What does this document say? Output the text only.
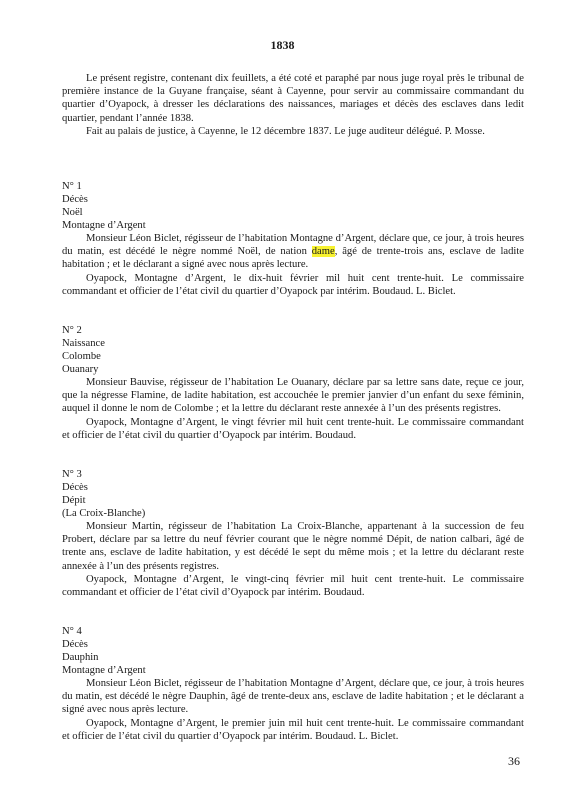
1838

Le présent registre, contenant dix feuillets, a été coté et paraphé par nous juge royal près le tribunal de première instance de la Guyane française, séant à Cayenne, pour servir au commissaire commandant du quartier d’Oyapock, à dresser les déclarations des naissances, mariages et décès des esclaves dans ledit quartier, pendant l’année 1838.

Fait au palais de justice, à Cayenne, le 12 décembre 1837. Le juge auditeur délégué. P. Mosse.

N° 1
Décès
Noël
Montagne d’Argent

Monsieur Léon Biclet, régisseur de l’habitation Montagne d’Argent, déclare que, ce jour, à trois heures du matin, est décédé le nègre nommé Noël, de nation dame, âgé de trente-trois ans, esclave de ladite habitation ; et le déclarant a signé avec nous après lecture.

Oyapock, Montagne d’Argent, le dix-huit février mil huit cent trente-huit. Le commissaire commandant et officier de l’état civil du quartier d’Oyapock par intérim. Boudaud. L. Biclet.

N° 2
Naissance
Colombe
Ouanary

Monsieur Bauvise, régisseur de l’habitation Le Ouanary, déclare par sa lettre sans date, reçue ce jour, que la négresse Flamine, de ladite habitation, est accouchée le premier janvier d’un enfant du sexe féminin, auquel il donne le nom de Colombe ; et la lettre du déclarant reste annexée à l’un des présents registres.

Oyapock, Montagne d’Argent, le vingt février mil huit cent trente-huit. Le commissaire commandant et officier de l’état civil du quartier d’Oyapock par intérim. Boudaud.

N° 3
Décès
Dépit
(La Croix-Blanche)

Monsieur Martin, régisseur de l’habitation La Croix-Blanche, appartenant à la succession de feu Probert, déclare par sa lettre du neuf février courant que le nègre nommé Dépit, de nation calbari, âgé de trente ans, esclave de ladite habitation, y est décédé le sept du même mois ; et la lettre du déclarant reste annexée à l’un des présents registres.

Oyapock, Montagne d’Argent, le vingt-cinq février mil huit cent trente-huit. Le commissaire commandant et officier de l’état civil d’Oyapock par intérim. Boudaud.

N° 4
Décès
Dauphin
Montagne d’Argent

Monsieur Léon Biclet, régisseur de l’habitation Montagne d’Argent, déclare que, ce jour, à trois heures du matin, est décédé le nègre Dauphin, âgé de trente-deux ans, esclave de ladite habitation ; et le déclarant a signé avec nous après lecture.

Oyapock, Montagne d’Argent, le premier juin mil huit cent trente-huit. Le commissaire commandant et officier de l’état civil du quartier d’Oyapock par intérim. Boudaud. L. Biclet.

36
